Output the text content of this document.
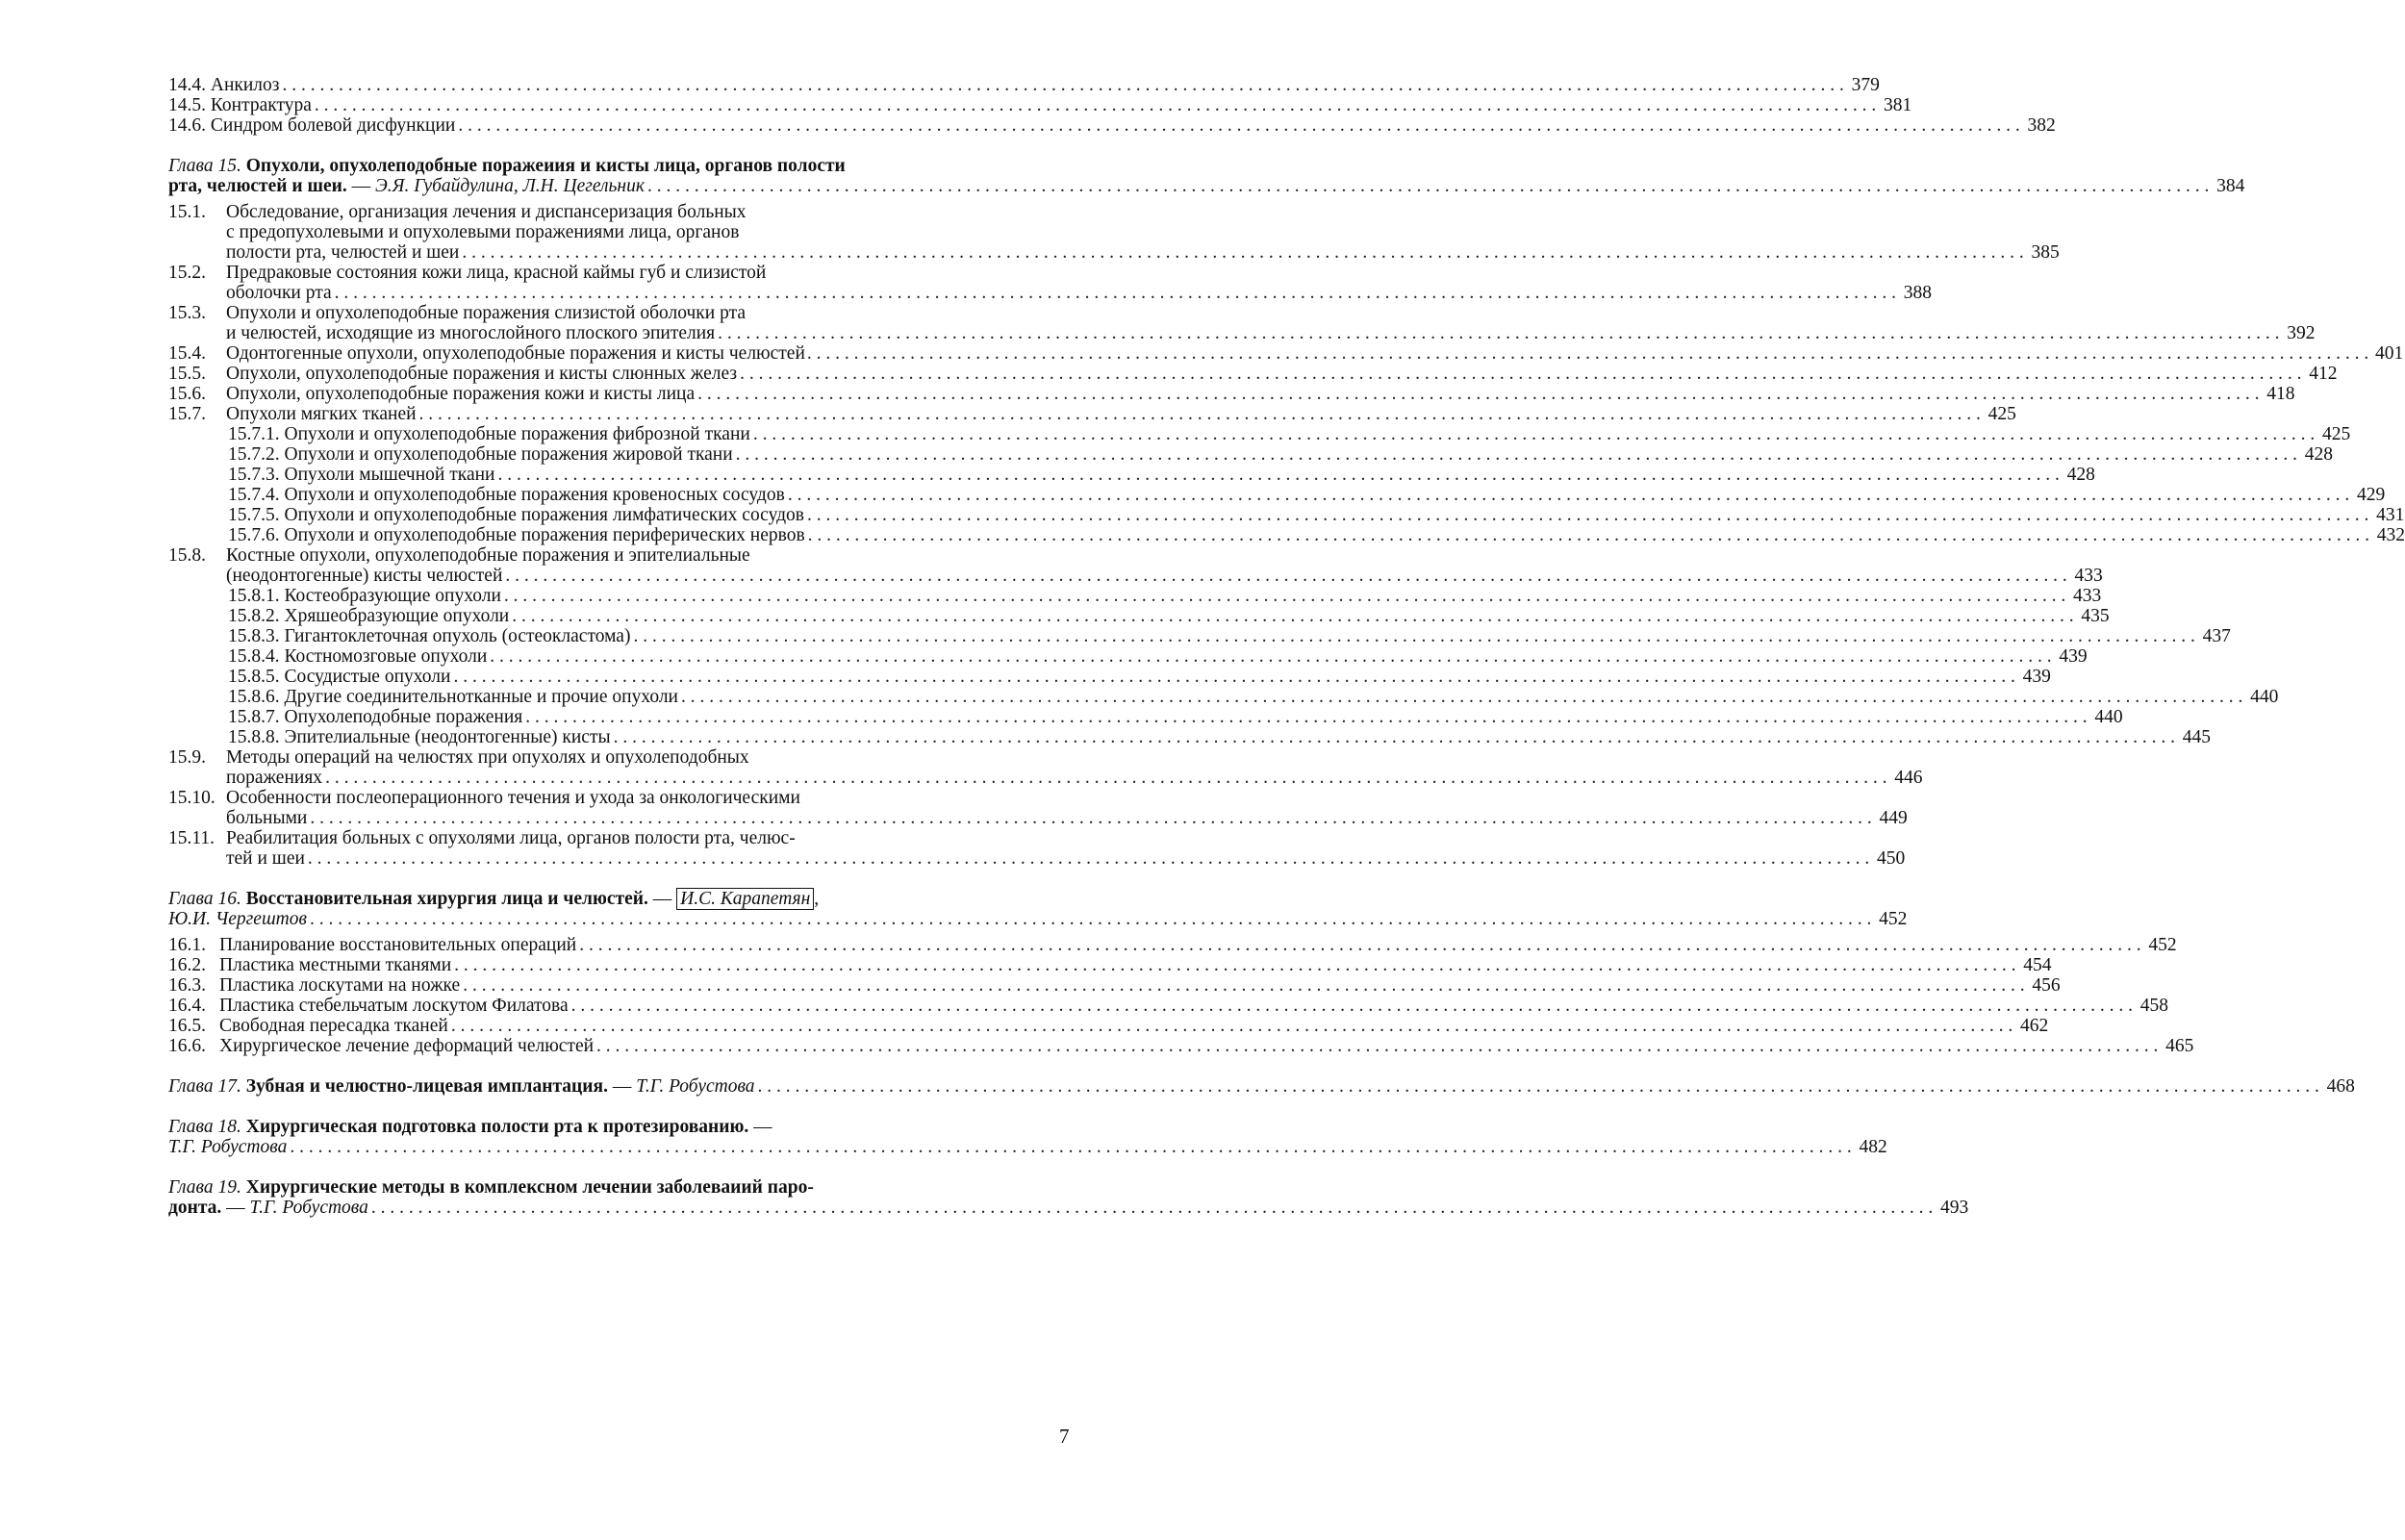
14.4. Анкилоз . . .	379
14.5. Контрактура . . .	381
14.6. Синдром болевой дисфункции . . .	382
Глава 15. Опухоли, опухолеподобные поражеиия и кисты лица, органов полости
рта, челюстей и шеи. — Э.Я. Губайдулина, Л.Н. Цегельник . . .	384
15.1.	Обследование, организация лечения и диспансеризация больных
с предопухолевыми и опухолевыми поражениями лица, органов
полости рта, челюстей и шеи . . .	385
15.2.	Предраковые состояния кожи лица, красной каймы губ и слизистой
оболочки рта . . .	388
15.3.	Опухоли и опухолеподобные поражения слизистой оболочки рта
и челюстей, исходящие из многослойного плоского эпителия . . .	392
15.4.	Одонтогенные опухоли, опухолеподобные поражения и кисты челюстей . . .	401
15.5.	Опухоли, опухолеподобные поражения и кисты слюнных желез . . .	412
15.6.	Опухоли, опухолеподобные поражения кожи и кисты лица . . .	418
15.7.	Опухоли мягких тканей . . .	425
15.7.1. Опухоли и опухолеподобные поражения фиброзной ткани . . .	425
15.7.2. Опухоли и опухолеподобные поражения жировой ткани . . .	428
15.7.3. Опухоли мышечной ткани . . .	428
15.7.4. Опухоли и опухолеподобные поражения кровеносных сосудов . . .	429
15.7.5. Опухоли и опухолеподобные поражения лимфатических сосудов . . .	431
15.7.6. Опухоли и опухолеподобные поражения периферических нервов . . .	432
15.8.	Костные опухоли, опухолеподобные поражения и эпителиальные
(неодонтогенные) кисты челюстей . . .	433
15.8.1. Костеобразующие опухоли . . .	433
15.8.2. Хряшеобразующие опухоли . . .	435
15.8.3. Гигантоклеточная опухоль (остеокластома) . . .	437
15.8.4. Костномозговые опухоли . . .	439
15.8.5. Сосудистые опухоли . . .	439
15.8.6. Другие соединительнотканные и прочие опухоли . . .	440
15.8.7. Опухолеподобные поражения . . .	440
15.8.8. Эпителиальные (неодонтогенные) кисты . . .	445
15.9.	Методы операций на челюстях при опухолях и опухолеподобных
поражениях . . .	446
15.10. Особенности послеоперационного течения и ухода за онкологическими
больными . . .	449
15.11. Реабилитация больных с опухолями лица, органов полости рта, челюс-
тей и шеи . . .	450
Глава 16. Восстановительная хирургия лица и челюстей. — И.С. Карапетян ,
Ю.И. Чергештов . . .	452
16.1. Планирование восстановительных операций . . .	452
16.2. Пластика местными тканями . . .	454
16.3. Пластика лоскутами на ножке . . .	456
16.4. Пластика стебельчатым лоскутом Филатова . . .	458
16.5. Свободная пересадка тканей . . .	462
16.6. Хирургическое лечение деформаций челюстей . . .	465
Глава 17. Зубная и челюстно-лицевая имплантация. — Т.Г. Робустова . . .	468
Глава 18. Хирургическая подготовка полости рта к протезированию. —
Т.Г. Робустова . . .	482
Глава 19. Хирургические методы в комплексном лечении заболеваиий паро-
донта. — Т.Г. Робустова . . .	493
7
